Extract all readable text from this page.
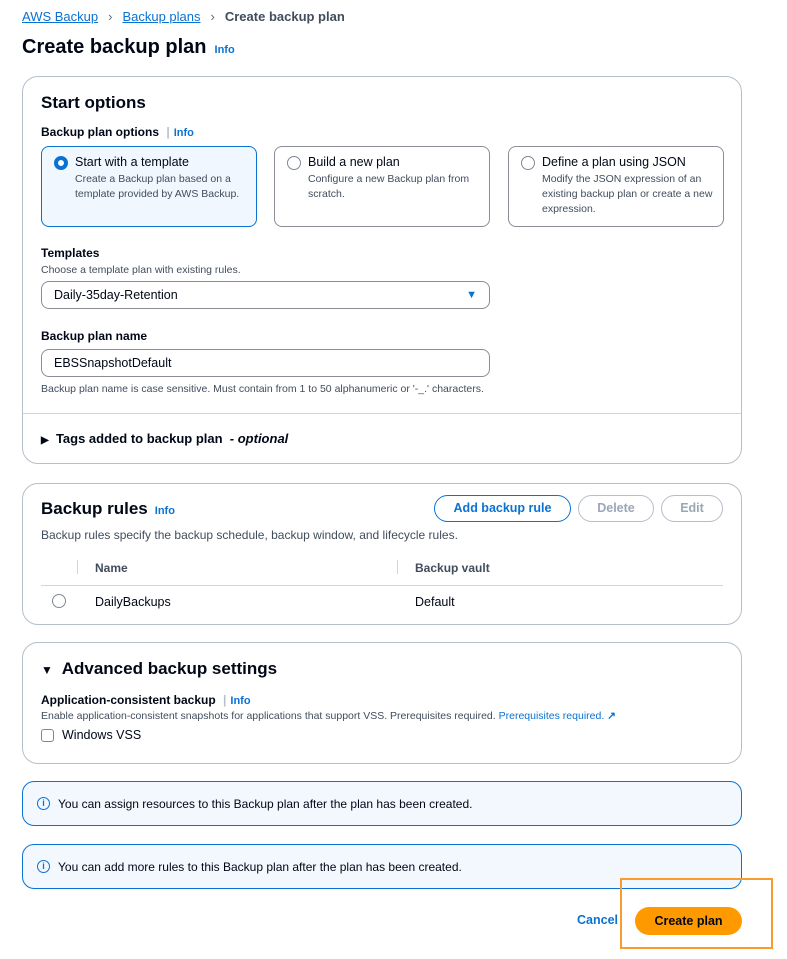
AWS Backup › Backup plans › Create backup plan
Create backup plan Info
Start options
Backup plan options | Info
Start with a template
Create a Backup plan based on a template provided by AWS Backup.
Build a new plan
Configure a new Backup plan from scratch.
Define a plan using JSON
Modify the JSON expression of an existing backup plan or create a new expression.
Templates
Choose a template plan with existing rules.
Daily-35day-Retention	▼
Backup plan name
EBSSnapshotDefault
Backup plan name is case sensitive. Must contain from 1 to 50 alphanumeric or '-_.' characters.
▶ Tags added to backup plan - optional
Backup rules Info	Add backup rule	Delete	Edit
Backup rules specify the backup schedule, backup window, and lifecycle rules.
Name	Backup vault
DailyBackups	Default
▼ Advanced backup settings
Application-consistent backup | Info
Enable application-consistent snapshots for applications that support VSS. Prerequisites required. Prerequisites required. ↗
Windows VSS
i	You can assign resources to this Backup plan after the plan has been created.
i	You can add more rules to this Backup plan after the plan has been created.
Cancel	Create plan
